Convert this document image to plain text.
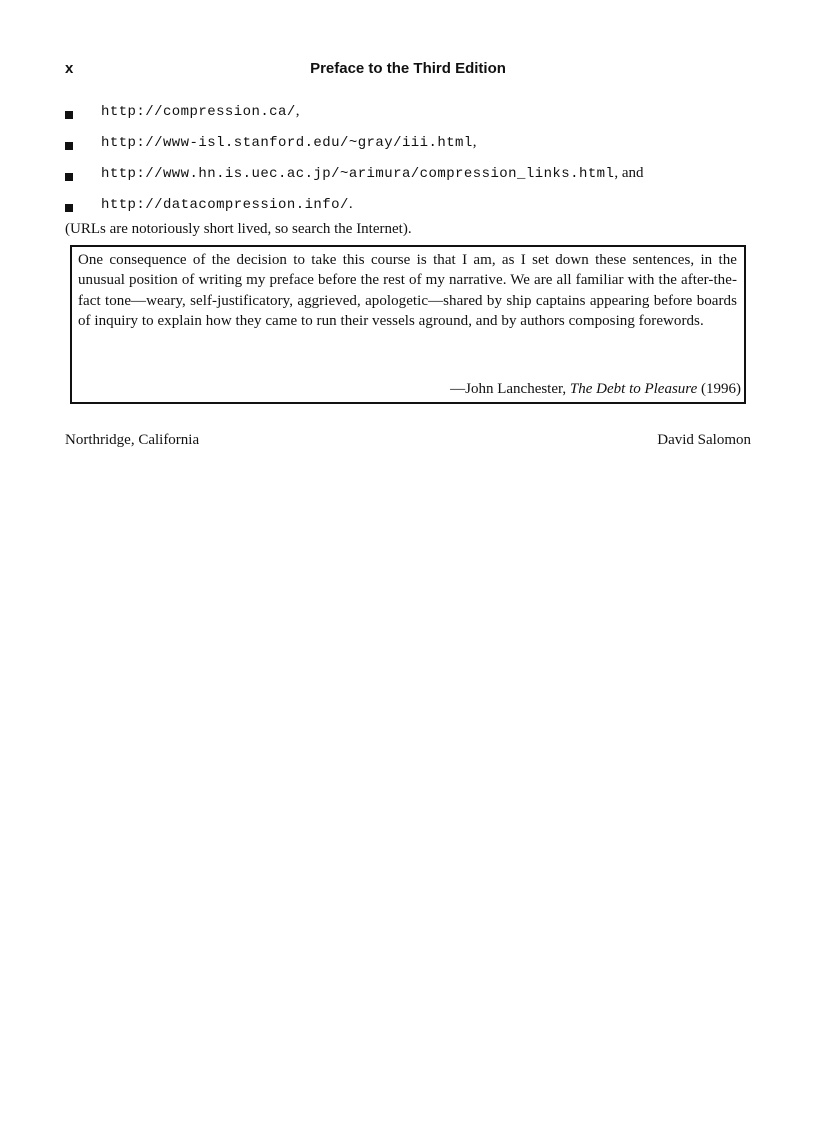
x	Preface to the Third Edition
http://compression.ca/,
http://www-isl.stanford.edu/~gray/iii.html,
http://www.hn.is.uec.ac.jp/~arimura/compression_links.html, and
http://datacompression.info/.
(URLs are notoriously short lived, so search the Internet).
One consequence of the decision to take this course is that I am, as I set down these sentences, in the unusual position of writing my preface before the rest of my narrative. We are all familiar with the after-the-fact tone—weary, self-justificatory, aggrieved, apologetic—shared by ship captains appearing before boards of inquiry to explain how they came to run their vessels aground, and by authors composing forewords.
—John Lanchester, The Debt to Pleasure (1996)
Northridge, California	David Salomon
